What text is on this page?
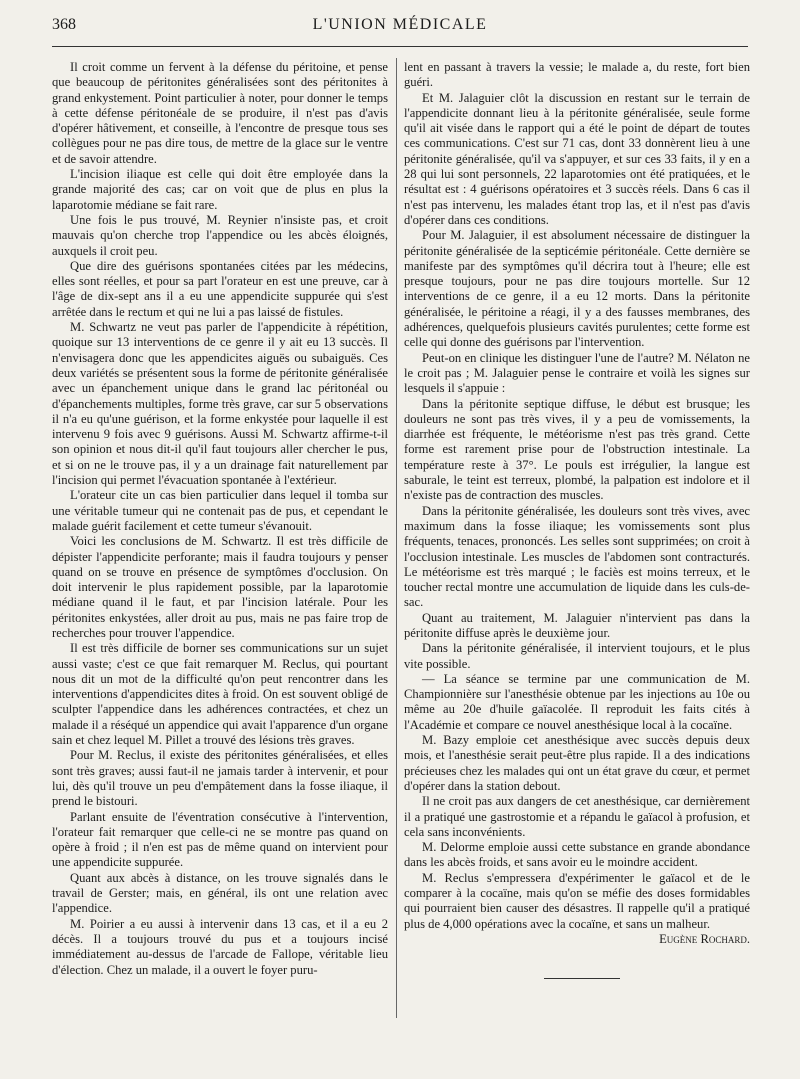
368	L'UNION MÉDICALE

Il croit comme un fervent à la défense du péritoine, et pense que beaucoup de péritonites généralisées sont des péritonites à grand enkystement. Point particulier à noter, pour donner le temps à cette défense péritonéale de se produire, il n'est pas d'avis d'opérer hâtivement, et conseille, à l'encontre de presque tous ses collègues pour ne pas dire tous, de mettre de la glace sur le ventre et de savoir attendre.

L'incision iliaque est celle qui doit être employée dans la grande majorité des cas; car on voit que de plus en plus la laparotomie médiane se fait rare.

Une fois le pus trouvé, M. Reynier n'insiste pas, et croit mauvais qu'on cherche trop l'appendice ou les abcès éloignés, auxquels il croit peu.

Que dire des guérisons spontanées citées par les médecins, elles sont réelles, et pour sa part l'orateur en est une preuve, car à l'âge de dix-sept ans il a eu une appendicite suppurée qui s'est arrêtée dans le rectum et qui ne lui a pas laissé de fistules.

M. Schwartz ne veut pas parler de l'appendicite à répétition, quoique sur 13 interventions de ce genre il y ait eu 13 succès. Il n'envisagera donc que les appendicites aiguës ou subaiguës. Ces deux variétés se présentent sous la forme de péritonite généralisée avec un épanchement unique dans le grand lac péritonéal ou d'épanchements multiples, forme très grave, car sur 5 observations il n'a eu qu'une guérison, et la forme enkystée pour laquelle il est intervenu 9 fois avec 9 guérisons. Aussi M. Schwartz affirme-t-il son opinion et nous dit-il qu'il faut toujours aller chercher le pus, et si on ne le trouve pas, il y a un drainage fait naturellement par l'incision qui permet l'évacuation spontanée à l'extérieur.

L'orateur cite un cas bien particulier dans lequel il tomba sur une véritable tumeur qui ne contenait pas de pus, et cependant le malade guérit facilement et cette tumeur s'évanouit.

Voici les conclusions de M. Schwartz. Il est très difficile de dépister l'appendicite perforante; mais il faudra toujours y penser quand on se trouve en présence de symptômes d'occlusion. On doit intervenir le plus rapidement possible, par la laparotomie médiane quand il le faut, et par l'incision latérale. Pour les péritonites enkystées, aller droit au pus, mais ne pas faire trop de recherches pour trouver l'appendice.

Il est très difficile de borner ses communications sur un sujet aussi vaste; c'est ce que fait remarquer M. Reclus, qui pourtant nous dit un mot de la difficulté qu'on peut rencontrer dans les interventions d'appendicites dites à froid. On est souvent obligé de sculpter l'appendice dans les adhérences contractées, et chez un malade il a réséqué un appendice qui avait l'apparence d'un organe sain et chez lequel M. Pillet a trouvé des lésions très graves.

Pour M. Reclus, il existe des péritonites généralisées, et elles sont très graves; aussi faut-il ne jamais tarder à intervenir, et pour lui, dès qu'il trouve un peu d'empâtement dans la fosse iliaque, il prend le bistouri.

Parlant ensuite de l'éventration consécutive à l'intervention, l'orateur fait remarquer que celle-ci ne se montre pas quand on opère à froid ; il n'en est pas de même quand on intervient pour une appendicite suppurée.

Quant aux abcès à distance, on les trouve signalés dans le travail de Gerster; mais, en général, ils ont une relation avec l'appendice.

M. Poirier a eu aussi à intervenir dans 13 cas, et il a eu 2 décès. Il a toujours trouvé du pus et a toujours incisé immédiatement au-dessus de l'arcade de Fallope, véritable lieu d'élection. Chez un malade, il a ouvert le foyer puru-

lent en passant à travers la vessie; le malade a, du reste, fort bien guéri.

Et M. Jalaguier clôt la discussion en restant sur le terrain de l'appendicite donnant lieu à la péritonite généralisée, seule forme qu'il ait visée dans le rapport qui a été le point de départ de toutes ces communications. C'est sur 71 cas, dont 33 donnèrent lieu à une péritonite généralisée, qu'il va s'appuyer, et sur ces 33 faits, il y en a 28 qui lui sont personnels, 22 laparotomies ont été pratiquées, et le résultat est : 4 guérisons opératoires et 3 succès réels. Dans 6 cas il n'est pas intervenu, les malades étant trop las, et il n'est pas d'avis d'opérer dans ces conditions.

Pour M. Jalaguier, il est absolument nécessaire de distinguer la péritonite généralisée de la septicémie péritonéale. Cette dernière se manifeste par des symptômes qu'il décrira tout à l'heure; elle est presque toujours, pour ne pas dire toujours mortelle. Sur 12 interventions de ce genre, il a eu 12 morts. Dans la péritonite généralisée, le péritoine a réagi, il y a des fausses membranes, des adhérences, quelquefois plusieurs cavités purulentes; cette forme est celle qui donne des guérisons par l'intervention.

Peut-on en clinique les distinguer l'une de l'autre? M. Nélaton ne le croit pas ; M. Jalaguier pense le contraire et voilà les signes sur lesquels il s'appuie :

Dans la péritonite septique diffuse, le début est brusque; les douleurs ne sont pas très vives, il y a peu de vomissements, la diarrhée est fréquente, le météorisme n'est pas très grand. Cette forme est rarement prise pour de l'obstruction intestinale. La température reste à 37°. Le pouls est irrégulier, la langue est saburale, le teint est terreux, plombé, la palpation est indolore et il n'existe pas de contraction des muscles.

Dans la péritonite généralisée, les douleurs sont très vives, avec maximum dans la fosse iliaque; les vomissements sont plus fréquents, tenaces, prononcés. Les selles sont supprimées; on croit à l'occlusion intestinale. Les muscles de l'abdomen sont contracturés. Le météorisme est très marqué ; le faciès est moins terreux, et le toucher rectal montre une accumulation de liquide dans les culs-de-sac.

Quant au traitement, M. Jalaguier n'intervient pas dans la péritonite diffuse après le deuxième jour.

Dans la péritonite généralisée, il intervient toujours, et le plus vite possible.

— La séance se termine par une communication de M. Championnière sur l'anesthésie obtenue par les injections au 10e ou même au 20e d'huile gaïacolée. Il reproduit les faits cités à l'Académie et compare ce nouvel anesthésique local à la cocaïne.

M. Bazy emploie cet anesthésique avec succès depuis deux mois, et l'anesthésie serait peut-être plus rapide. Il a des indications précieuses chez les malades qui ont un état grave du cœur, et permet d'opérer dans la station debout.

Il ne croit pas aux dangers de cet anesthésique, car dernièrement il a pratiqué une gastrostomie et a répandu le gaïacol à profusion, et cela sans inconvénients.

M. Delorme emploie aussi cette substance en grande abondance dans les abcès froids, et sans avoir eu le moindre accident.

M. Reclus s'empressera d'expérimenter le gaïacol et de le comparer à la cocaïne, mais qu'on se méfie des doses formidables qui pourraient bien causer des désastres. Il rappelle qu'il a pratiqué plus de 4,000 opérations avec la cocaïne, et sans un malheur.

Eugène Rochard.
